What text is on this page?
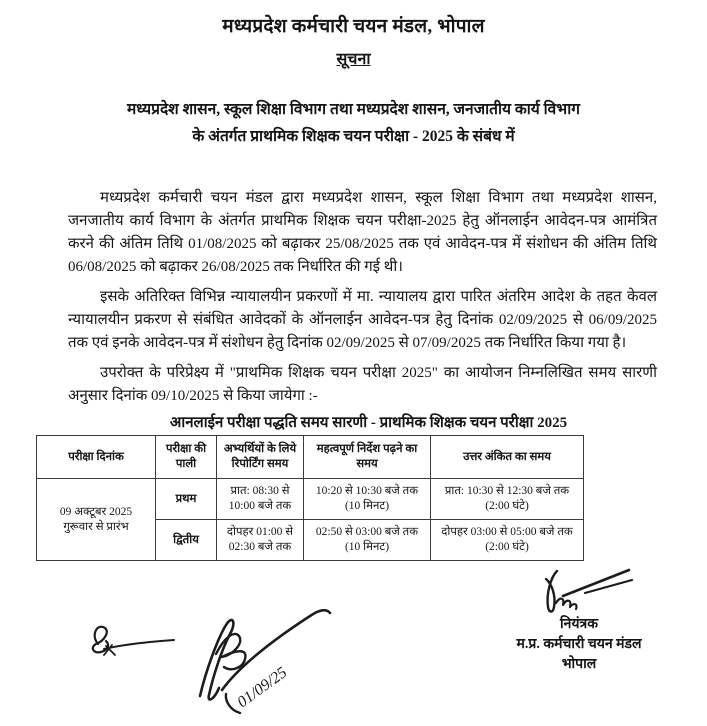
मध्यप्रदेश कर्मचारी चयन मंडल, भोपाल
सूचना
मध्यप्रदेश शासन, स्कूल शिक्षा विभाग तथा मध्यप्रदेश शासन, जनजातीय कार्य विभाग
के अंतर्गत प्राथमिक शिक्षक चयन परीक्षा - 2025 के संबंध में

मध्यप्रदेश कर्मचारी चयन मंडल द्वारा मध्यप्रदेश शासन, स्कूल शिक्षा विभाग तथा मध्यप्रदेश शासन, जनजातीय कार्य विभाग के अंतर्गत प्राथमिक शिक्षक चयन परीक्षा-2025 हेतु ऑनलाईन आवेदन-पत्र आमंत्रित करने की अंतिम तिथि 01/08/2025 को बढ़ाकर 25/08/2025 तक एवं आवेदन-पत्र में संशोधन की अंतिम तिथि 06/08/2025 को बढ़ाकर 26/08/2025 तक निर्धारित की गई थी।

इसके अतिरिक्त विभिन्न न्यायालयीन प्रकरणों में मा. न्यायालय द्वारा पारित अंतरिम आदेश के तहत केवल न्यायालयीन प्रकरण से संबंधित आवेदकों के ऑनलाईन आवेदन-पत्र हेतु दिनांक 02/09/2025 से 06/09/2025 तक एवं इनके आवेदन-पत्र में संशोधन हेतु दिनांक 02/09/2025 से 07/09/2025 तक निर्धारित किया गया है।

उपरोक्त के परिप्रेक्ष्य में "प्राथमिक शिक्षक चयन परीक्षा 2025" का आयोजन निम्नलिखित समय सारणी अनुसार दिनांक 09/10/2025 से किया जायेगा :-

आनलाईन परीक्षा पद्धति समय सारणी - प्राथमिक शिक्षक चयन परीक्षा 2025
परीक्षा दिनांक	परीक्षा की पाली	अभ्यर्थियों के लिये रिपोर्टिंग समय	महत्वपूर्ण निर्देश पढ़ने का समय	उत्तर अंकित का समय

09 अक्टूबर 2025
गुरूवार से प्रारंभ	प्रथम	प्रात: 08:30 से 10:00 बजे तक	10:20 से 10:30 बजे तक (10 मिनट)	प्रात: 10:30 से 12:30 बजे तक (2:00 घंटे)
	द्वितीय	दोपहर 01:00 से 02:30 बजे तक	02:50 से 03:00 बजे तक (10 मिनट)	दोपहर 03:00 से 05:00 बजे तक (2:00 घंटे)
नियंत्रक
म.प्र. कर्मचारी चयन मंडल
भोपाल
01/09/25
